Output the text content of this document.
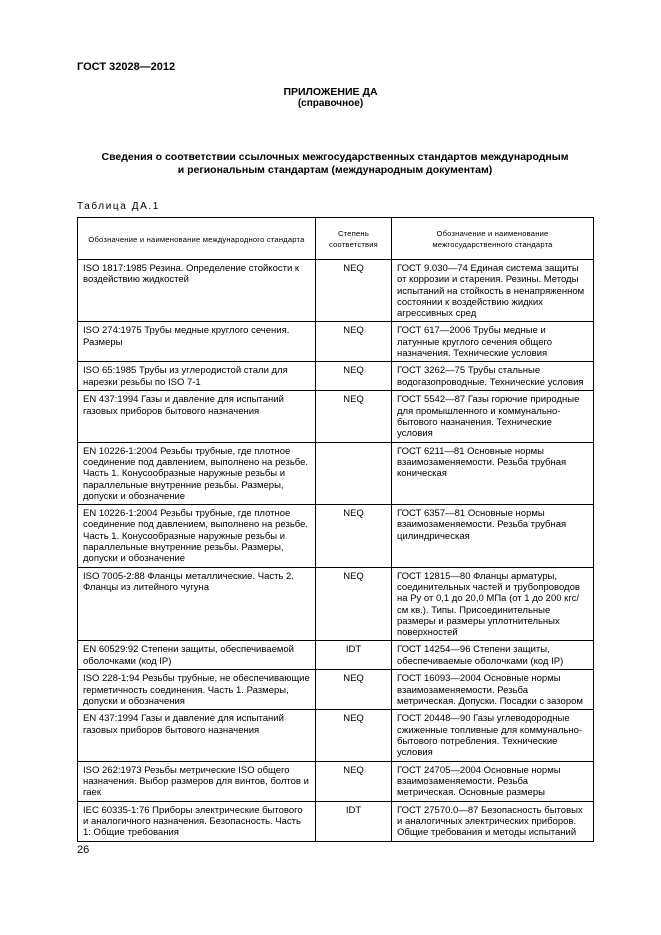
ГОСТ 32028—2012
ПРИЛОЖЕНИЕ ДА
(справочное)
Сведения о соответствии ссылочных межгосударственных стандартов международным
и региональным стандартам (международным документам)
Таблица ДА.1
Обозначение и наименование международного стандарта	Степень соответствия	Обозначение и наименование межгосударственного стандарта
ISO 1817:1985 Резина. Определение стойкости к воздействию жидкостей	NEQ	ГОСТ 9.030—74 Единая система защиты от коррозии и старения. Резины. Методы испытаний на стойкость в ненапряженном состоянии к воздействию жидких агрессивных сред
ISO 274:1975 Трубы медные круглого сечения. Размеры	NEQ	ГОСТ 617—2006 Трубы медные и латунные круглого сечения общего назначения. Технические условия
ISO 65:1985 Трубы из углеродистой стали для нарезки резьбы по ISO 7-1	NEQ	ГОСТ 3262—75 Трубы стальные водогазопроводные. Технические условия
EN 437:1994 Газы и давление для испытаний газовых приборов бытового назначения	NEQ	ГОСТ 5542—87 Газы горючие природные для промышленного и коммунально-бытового назначения. Технические условия
EN 10226-1:2004 Резьбы трубные, где плотное соединение под давлением, выполнено на резьбе. Часть 1. Конусообразные наружные резьбы и параллельные внутренние резьбы. Размеры, допуски и обозначение		ГОСТ 6211—81 Основные нормы взаимозаменяемости. Резьба трубная коническая
EN 10226-1:2004 Резьбы трубные, где плотное соединение под давлением, выполнено на резьбе. Часть 1. Конусообразные наружные резьбы и параллельные внутренние резьбы. Размеры, допуски и обозначение	NEQ	ГОСТ 6357—81 Основные нормы взаимозаменяемости. Резьба трубная цилиндрическая
ISO 7005-2:88 Фланцы металлические. Часть 2. Фланцы из литейного чугуна	NEQ	ГОСТ 12815—80 Фланцы арматуры, соединительных частей и трубопроводов на Ру от 0,1 до 20,0 МПа (от 1 до 200 кгс/см кв.). Типы. Присоединительные размеры и размеры уплотнительных поверхностей
EN 60529:92 Степени защиты, обеспечиваемой оболочками (код IP)	IDT	ГОСТ 14254—96 Степени защиты, обеспечиваемые оболочками (код IP)
ISO 228-1:94 Резьбы трубные, не обеспечивающие герметичность соединения. Часть 1. Размеры, допуски и обозначения	NEQ	ГОСТ 16093—2004 Основные нормы взаимозаменяемости. Резьба метрическая. Допуски. Посадки с зазором
EN 437:1994 Газы и давление для испытаний газовых приборов бытового назначения	NEQ	ГОСТ 20448—90 Газы углеводородные сжиженные топливные для коммунально-бытового потребления. Технические условия
ISO 262:1973 Резьбы метрические ISO общего назначения. Выбор размеров для винтов, болтов и гаек	NEQ	ГОСТ 24705—2004 Основные нормы взаимозаменяемости. Резьба метрическая. Основные размеры
IEC 60335-1:76 Приборы электрические бытового и аналогичного назначения. Безопасность. Часть 1: Общие требования	IDT	ГОСТ 27570.0—87 Безопасность бытовых и аналогичных электрических приборов. Общие требования и методы испытаний
26
